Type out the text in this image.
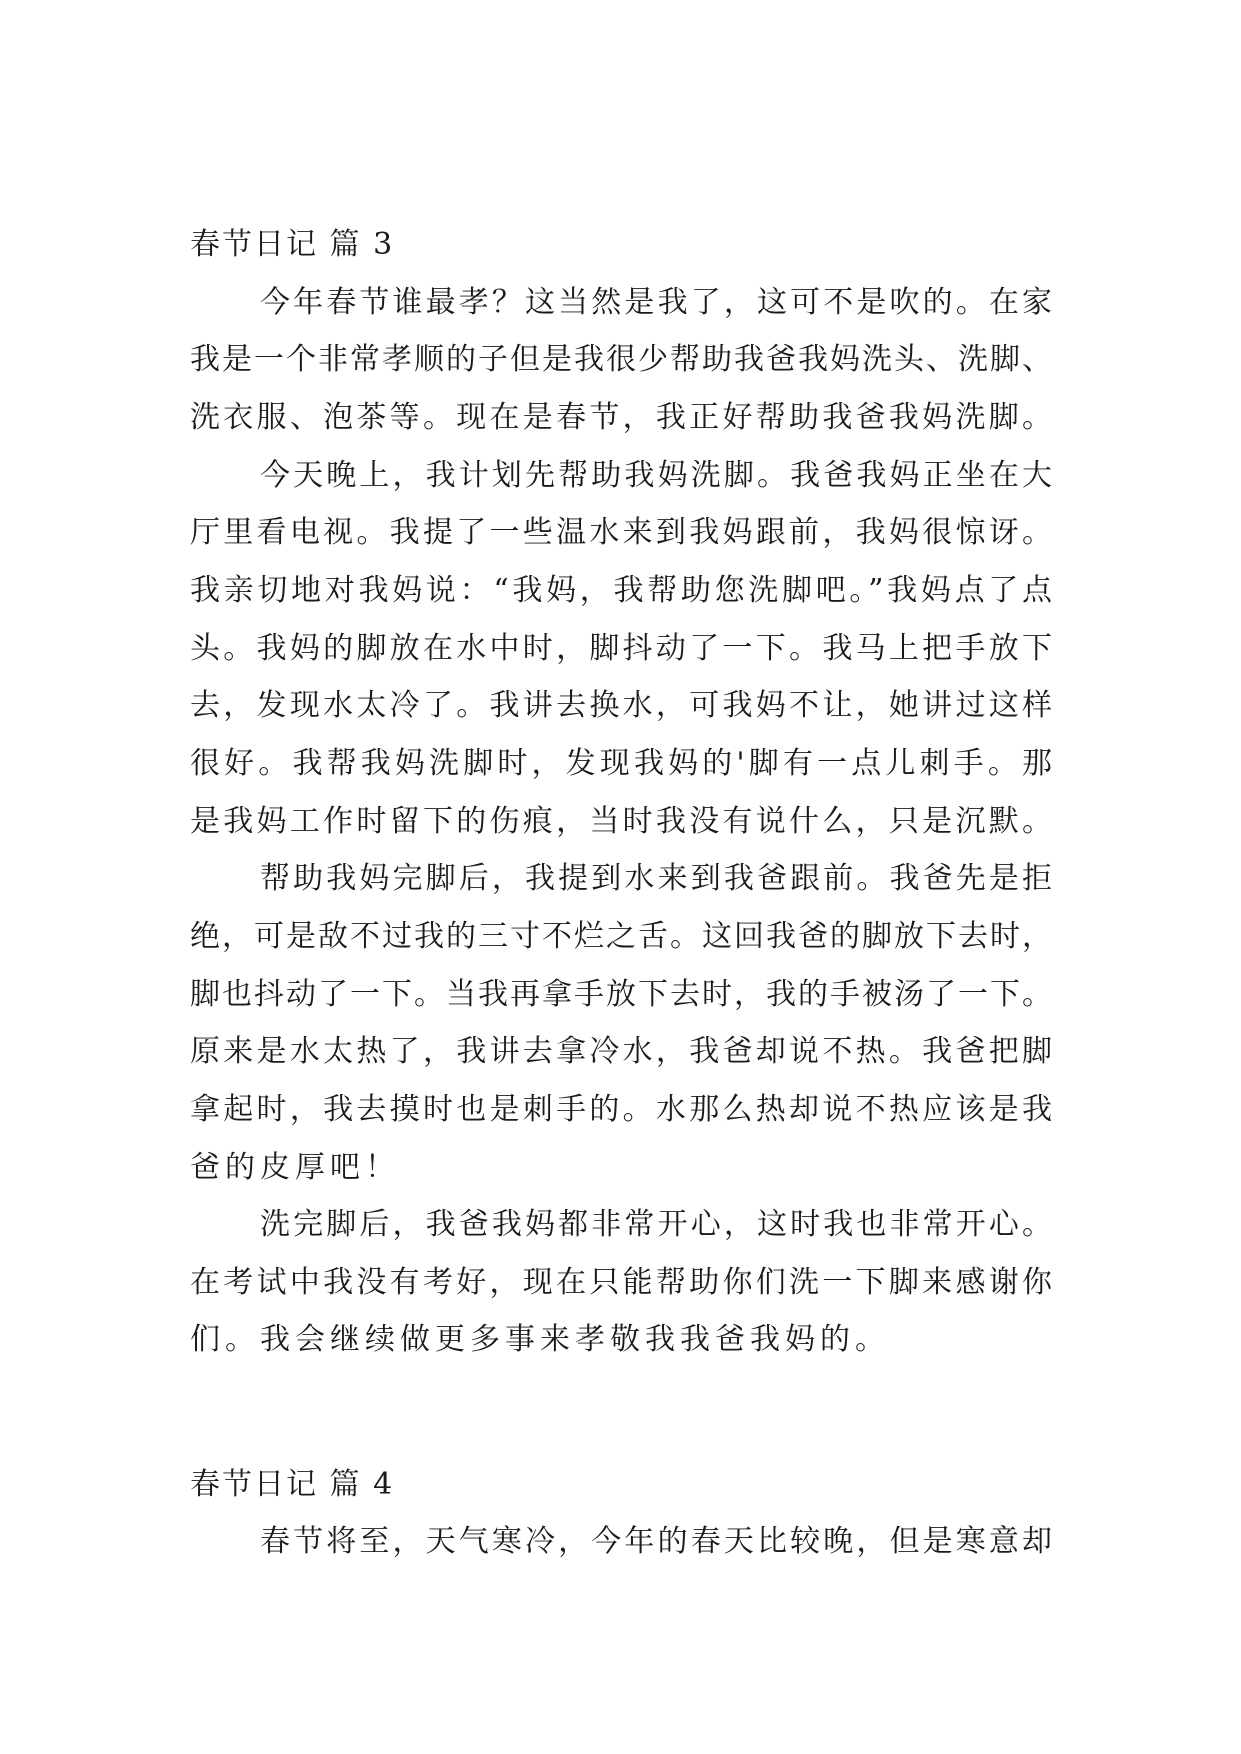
春节日记 篇 3

今年春节谁最孝？这当然是我了，这可不是吹的。在家

我是一个非常孝顺的子但是我很少帮助我爸我妈洗头、洗脚、

洗衣服、泡茶等。现在是春节，我正好帮助我爸我妈洗脚。

今天晚上，我计划先帮助我妈洗脚。我爸我妈正坐在大

厅里看电视。我提了一些温水来到我妈跟前，我妈很惊讶。

我亲切地对我妈说：“我妈，我帮助您洗脚吧。”我妈点了点

头。我妈的脚放在水中时，脚抖动了一下。我马上把手放下

去，发现水太冷了。我讲去换水，可我妈不让，她讲过这样

很好。我帮我妈洗脚时，发现我妈的'脚有一点儿刺手。那

是我妈工作时留下的伤痕，当时我没有说什么，只是沉默。

帮助我妈完脚后，我提到水来到我爸跟前。我爸先是拒

绝，可是敌不过我的三寸不烂之舌。这回我爸的脚放下去时，

脚也抖动了一下。当我再拿手放下去时，我的手被汤了一下。

原来是水太热了，我讲去拿冷水，我爸却说不热。我爸把脚

拿起时，我去摸时也是刺手的。水那么热却说不热应该是我

爸的皮厚吧！

洗完脚后，我爸我妈都非常开心，这时我也非常开心。

在考试中我没有考好，现在只能帮助你们洗一下脚来感谢你

们。我会继续做更多事来孝敬我我爸我妈的。

春节日记 篇 4

春节将至，天气寒冷，今年的春天比较晚，但是寒意却
